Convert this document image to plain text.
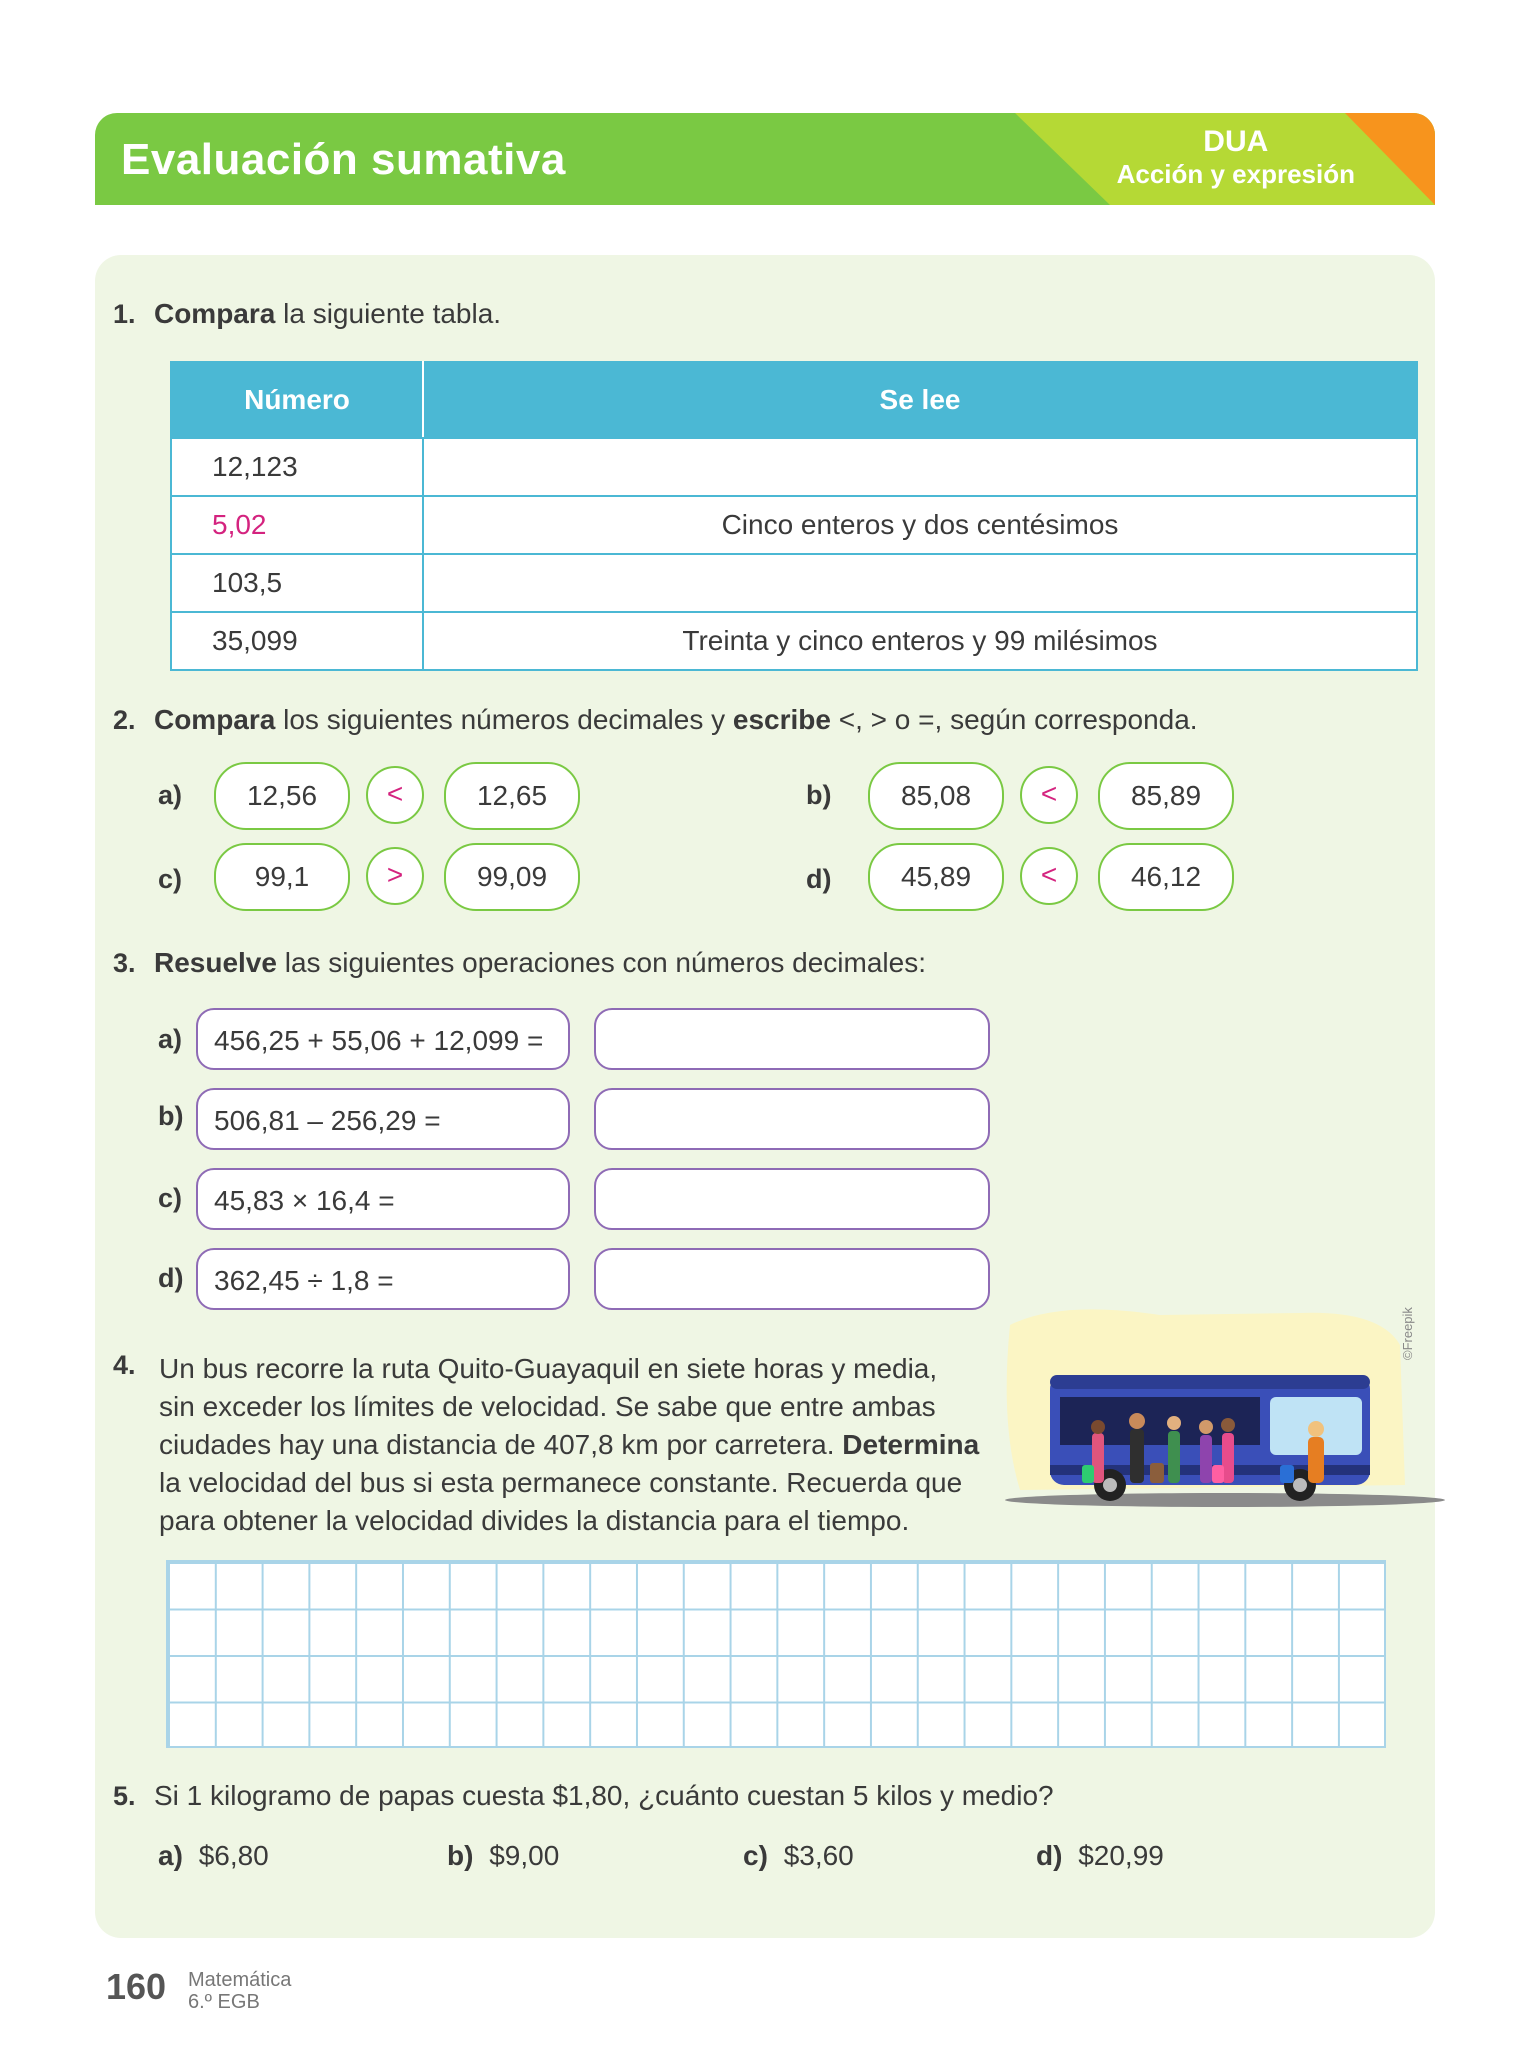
Evaluación sumativa	DUA
Acción y expresión
1. Compara la siguiente tabla.
Número	Se lee
12,123	
5,02	Cinco enteros y dos centésimos
103,5	
35,099	Treinta y cinco enteros y 99 milésimos
2. Compara los siguientes números decimales y escribe <, > o =, según corresponda.
a)	12,56	<	12,65	b)	85,08	<	85,89
c)	99,1	>	99,09	d)	45,89	<	46,12
3. Resuelve las siguientes operaciones con números decimales:
a)	456,25 + 55,06 + 12,099 =
b)	506,81 – 256,29 =
c)	45,83 × 16,4 =
d)	362,45 ÷ 1,8 =
4. Un bus recorre la ruta Quito-Guayaquil en siete horas y media,
sin exceder los límites de velocidad. Se sabe que entre ambas
ciudades hay una distancia de 407,8 km por carretera. Determina
la velocidad del bus si esta permanece constante. Recuerda que
para obtener la velocidad divides la distancia para el tiempo.
©Freepik
5. Si 1 kilogramo de papas cuesta $1,80, ¿cuánto cuestan 5 kilos y medio?
a) $6,80	b) $9,00	c) $3,60	d) $20,99
160 Matemática
6.º EGB
